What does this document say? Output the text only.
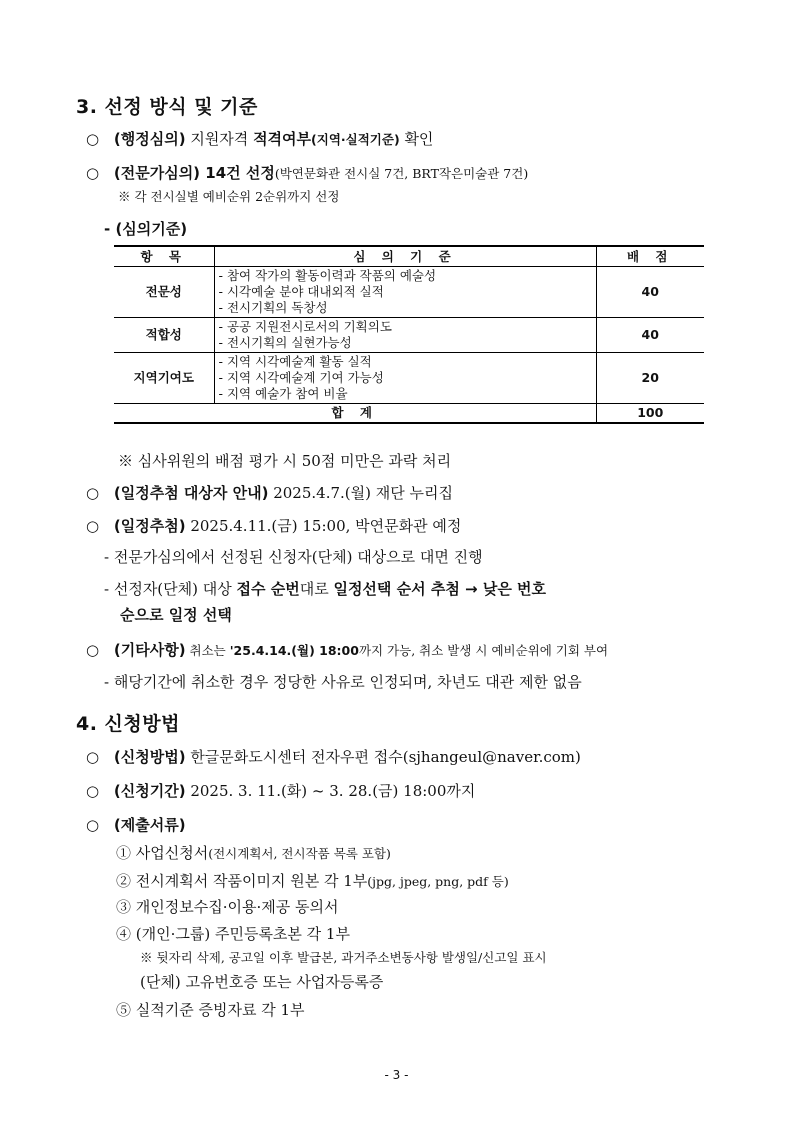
3. 선정 방식 및 기준
○ (행정심의) 지원자격 적격여부(지역·실적기준) 확인
○ (전문가심의) 14건 선정(박연문화관 전시실 7건, BRT작은미술관 7건)
※ 각 전시실별 예비순위 2순위까지 선정
- (심의기준)
항 목	심 의 기 준	배 점
전문성	- 참여 작가의 활동이력과 작품의 예술성
- 시각예술 분야 대내외적 실적
- 전시기획의 독창성	40
적합성	- 공공 지원전시로서의 기획의도
- 전시기획의 실현가능성	40
지역기여도	- 지역 시각예술계 활동 실적
- 지역 시각예술계 기여 가능성
- 지역 예술가 참여 비율	20
합 계		100
※ 심사위원의 배점 평가 시 50점 미만은 과락 처리
○ (일정추첨 대상자 안내) 2025.4.7.(월) 재단 누리집
○ (일정추첨) 2025.4.11.(금) 15:00, 박연문화관 예정
- 전문가심의에서 선정된 신청자(단체) 대상으로 대면 진행
- 선정자(단체) 대상 접수 순번대로 일정선택 순서 추첨 → 낮은 번호
순으로 일정 선택
○ (기타사항) 취소는 '25.4.14.(월) 18:00까지 가능, 취소 발생 시 예비순위에 기회 부여
- 해당기간에 취소한 경우 정당한 사유로 인정되며, 차년도 대관 제한 없음
4. 신청방법
○ (신청방법) 한글문화도시센터 전자우편 접수(sjhangeul@naver.com)
○ (신청기간) 2025. 3. 11.(화) ~ 3. 28.(금) 18:00까지
○ (제출서류)
① 사업신청서(전시계획서, 전시작품 목록 포함)
② 전시계획서 작품이미지 원본 각 1부(jpg, jpeg, png, pdf 등)
③ 개인정보수집·이용·제공 동의서
④ (개인·그룹) 주민등록초본 각 1부
※ 뒷자리 삭제, 공고일 이후 발급본, 과거주소변동사항 발생일/신고일 표시
(단체) 고유번호증 또는 사업자등록증
⑤ 실적기준 증빙자료 각 1부
- 3 -
